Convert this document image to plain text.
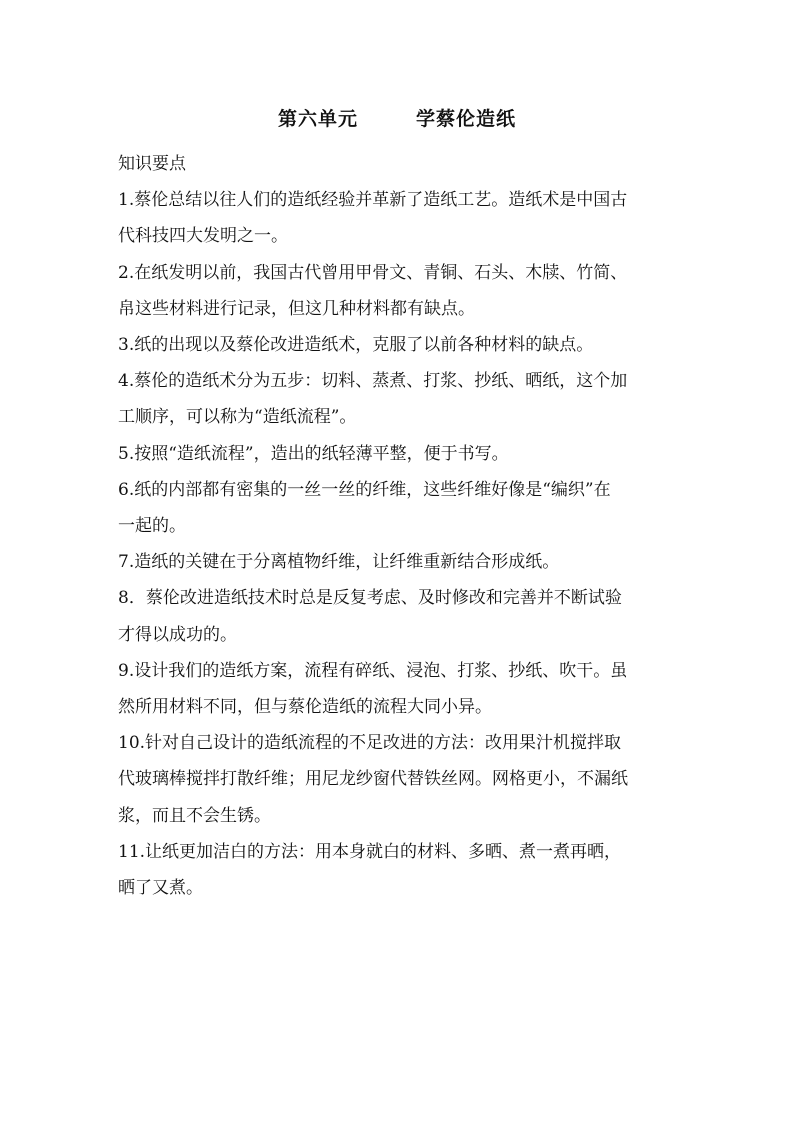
第六单元	学蔡伦造纸

知识要点

1.蔡伦总结以往人们的造纸经验并革新了造纸工艺。造纸术是中国古

代科技四大发明之一。

2.在纸发明以前，我国古代曾用甲骨文、青铜、石头、木牍、竹简、

帛这些材料进行记录，但这几种材料都有缺点。

3.纸的出现以及蔡伦改进造纸术，克服了以前各种材料的缺点。

4.蔡伦的造纸术分为五步：切料、蒸煮、打浆、抄纸、晒纸，这个加

工顺序，可以称为“造纸流程”。

5.按照“造纸流程”，造出的纸轻薄平整，便于书写。

6.纸的内部都有密集的一丝一丝的纤维，这些纤维好像是“编织”在

一起的。

7.造纸的关键在于分离植物纤维，让纤维重新结合形成纸。

8．蔡伦改进造纸技术时总是反复考虑、及时修改和完善并不断试验

才得以成功的。

9.设计我们的造纸方案，流程有碎纸、浸泡、打浆、抄纸、吹干。虽

然所用材料不同，但与蔡伦造纸的流程大同小异。

10.针对自己设计的造纸流程的不足改进的方法：改用果汁机搅拌取

代玻璃棒搅拌打散纤维；用尼龙纱窗代替铁丝网。网格更小，不漏纸

浆，而且不会生锈。

11.让纸更加洁白的方法：用本身就白的材料、多晒、煮一煮再晒，

晒了又煮。
